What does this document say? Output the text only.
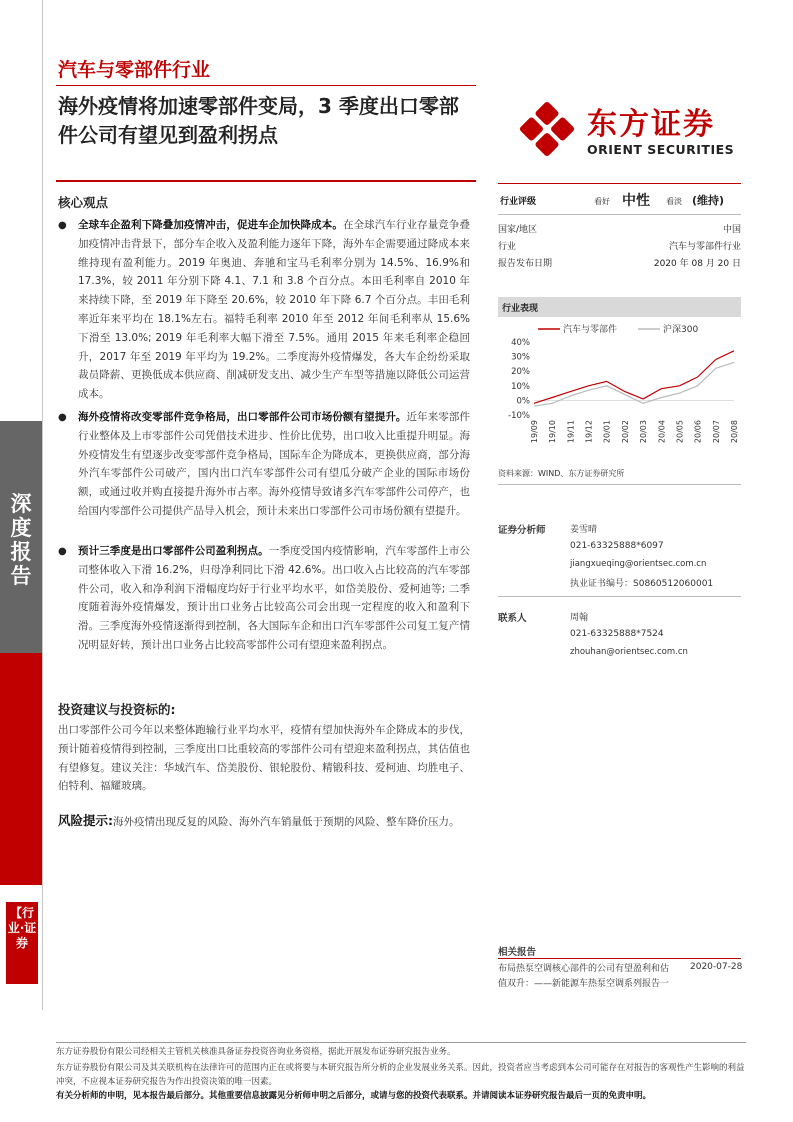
深度报告
【行业·证券
汽车与零部件行业
海外疫情将加速零部件变局，3 季度出口零部件公司有望见到盈利拐点	东方证券
ORIENT SECURITIES
核心观点
● 全球车企盈利下降叠加疫情冲击，促进车企加快降成本。在全球汽车行业存量竞争叠加疫情冲击背景下，部分车企收入及盈利能力逐年下降，海外车企需要通过降成本来维持现有盈利能力。2019 年奥迪、奔驰和宝马毛利率分别为 14.5%、16.9%和 17.3%，较 2011 年分别下降 4.1、7.1 和 3.8 个百分点。本田毛利率自 2010 年来持续下降，至 2019 年下降至 20.6%，较 2010 年下降 6.7 个百分点。丰田毛利率近年来平均在 18.1%左右。福特毛利率 2010 年至 2012 年间毛利率从 15.6%下滑至 13.0%; 2019 年毛利率大幅下滑至 7.5%。通用 2015 年来毛利率企稳回升，2017 年至 2019 年平均为 19.2%。二季度海外疫情爆发，各大车企纷纷采取裁员降薪、更换低成本供应商、削减研发支出、减少生产车型等措施以降低公司运营成本。
● 海外疫情将改变零部件竞争格局，出口零部件公司市场份额有望提升。近年来零部件行业整体及上市零部件公司凭借技术进步、性价比优势，出口收入比重提升明显。海外疫情发生有望逐步改变零部件竞争格局，国际车企为降成本，更换供应商，部分海外汽车零部件公司破产，国内出口汽车零部件公司有望瓜分破产企业的国际市场份额，或通过收并购直接提升海外市占率。海外疫情导致诸多汽车零部件公司停产，也给国内零部件公司提供产品导入机会，预计未来出口零部件公司市场份额有望提升。
● 预计三季度是出口零部件公司盈利拐点。一季度受国内疫情影响，汽车零部件上市公司整体收入下滑 16.2%，归母净利同比下滑 42.6%。出口收入占比较高的汽车零部件公司，收入和净利润下滑幅度均好于行业平均水平，如岱美股份、爱柯迪等; 二季度随着海外疫情爆发，预计出口业务占比较高公司会出现一定程度的收入和盈利下滑。三季度海外疫情逐渐得到控制，各大国际车企和出口汽车零部件公司复工复产情况明显好转，预计出口业务占比较高零部件公司有望迎来盈利拐点。
投资建议与投资标的:
出口零部件公司今年以来整体跑输行业平均水平，疫情有望加快海外车企降成本的步伐，预计随着疫情得到控制，三季度出口比重较高的零部件公司有望迎来盈利拐点，其估值也有望修复。建议关注：华域汽车、岱美股份、银轮股份、精锻科技、爱柯迪、均胜电子、伯特利、福耀玻璃。
风险提示:海外疫情出现反复的风险、海外汽车销量低于预期的风险、整车降价压力。
行业评级	看好 中性 看淡 (维持)
国家/地区	中国
行业	汽车与零部件行业
报告发布日期	2020 年 08 月 20 日
行业表现
汽车与零部件	沪深300
40%
30%
20%
10%
0%
-10%
19/09 19/10 19/11 19/12 20/01 20/02 20/03 20/04 20/05 20/06 20/07 20/08
资料来源：WIND、东方证券研究所
证券分析师	姜雪晴
021-63325888*6097
jiangxueqing@orientsec.com.cn
执业证书编号：S0860512060001
联系人	周翰
021-63325888*7524
zhouhan@orientsec.com.cn
相关报告
布局热泵空调核心部件的公司有望盈利和估值双升：——新能源车热泵空调系列报告一
2020-07-28
东方证券股份有限公司经相关主管机关核准具备证券投资咨询业务资格，据此开展发布证券研究报告业务。
东方证券股份有限公司及其关联机构在法律许可的范围内正在或将要与本研究报告所分析的企业发展业务关系。因此，投资者应当考虑到本公司可能存在对报告的客观性产生影响的利益冲突，不应视本证券研究报告为作出投资决策的唯一因素。
有关分析师的申明，见本报告最后部分。其他重要信息披露见分析师申明之后部分，或请与您的投资代表联系。并请阅读本证券研究报告最后一页的免责申明。
